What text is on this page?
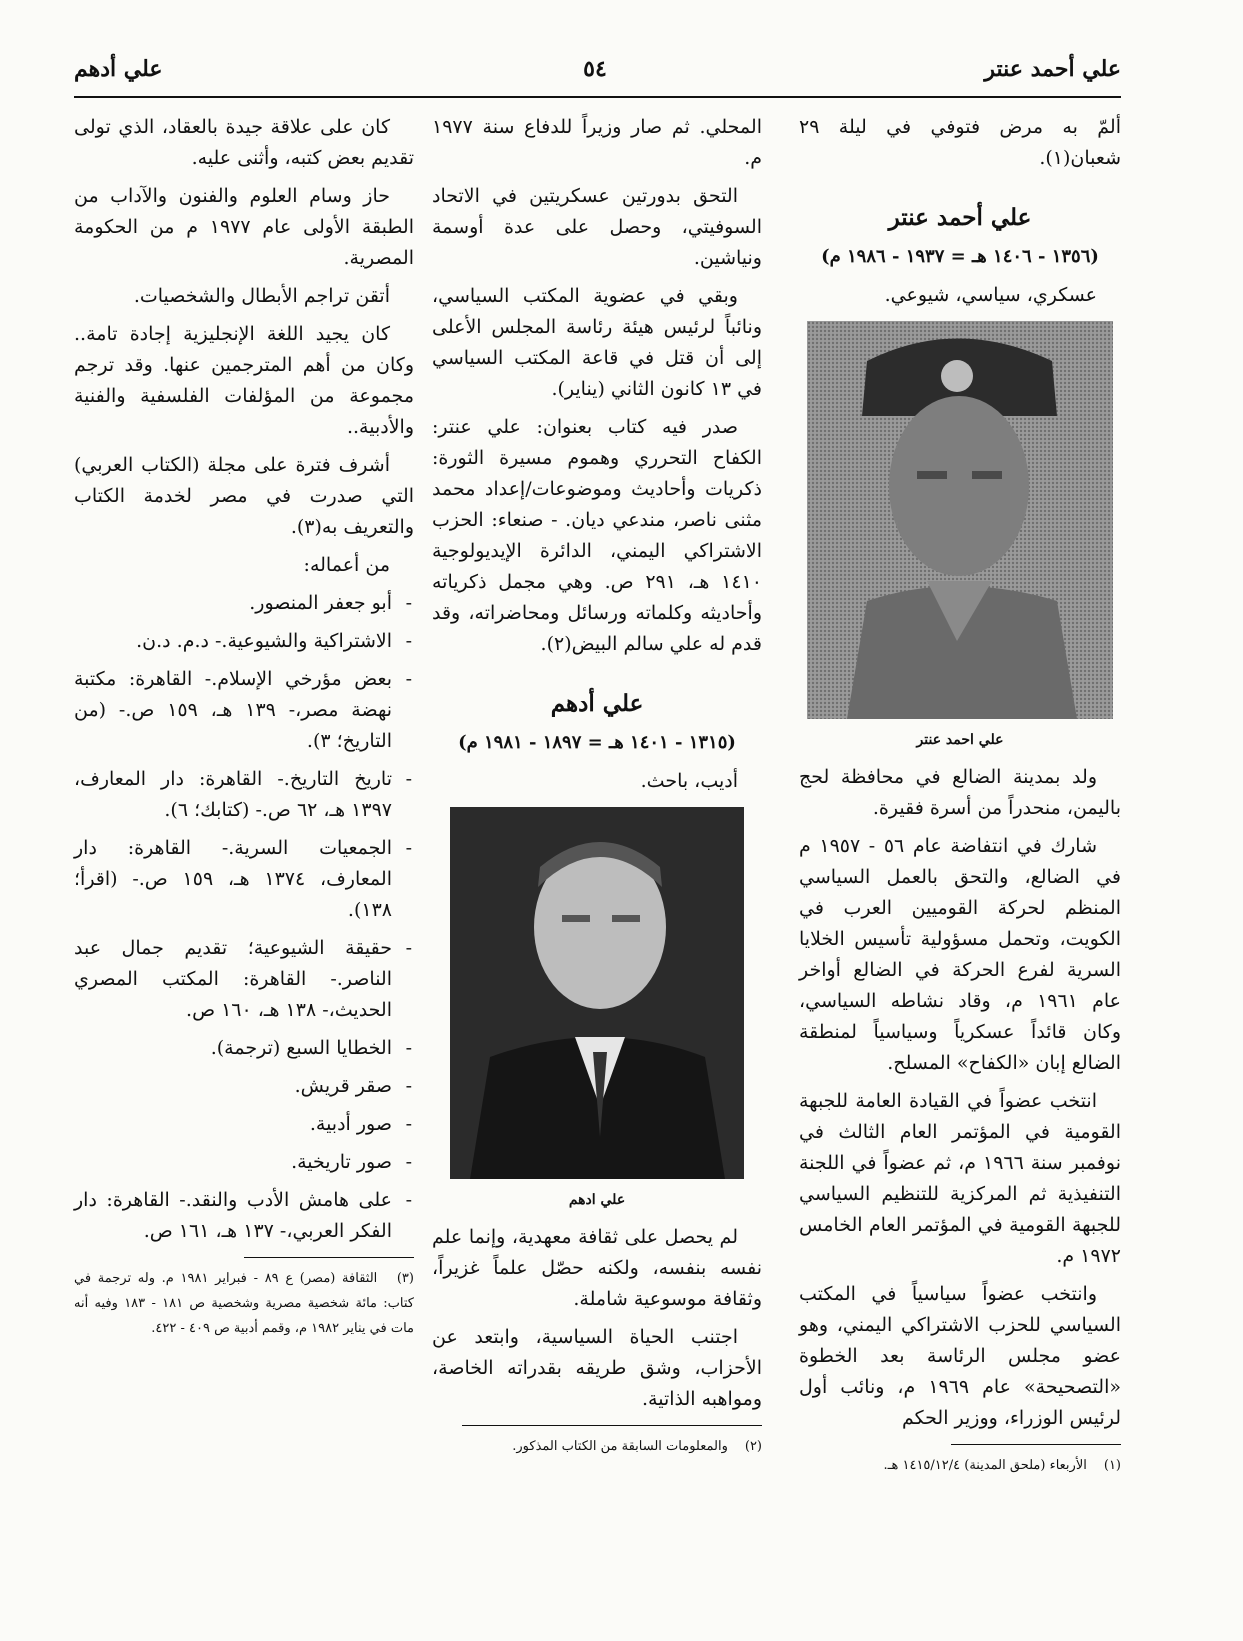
علي أحمد عنتر
٥٤
علي أدهم

ألمّ به مرض فتوفي في ليلة ٢٩ شعبان(١).

علي أحمد عنتر
(١٣٥٦ - ١٤٠٦ هـ = ١٩٣٧ - ١٩٨٦ م)

عسكري، سياسي، شيوعي.

علي احمد عنتر

ولد بمدينة الضالع في محافظة لحج باليمن، منحدراً من أسرة فقيرة.

شارك في انتفاضة عام ٥٦ - ١٩٥٧ م في الضالع، والتحق بالعمل السياسي المنظم لحركة القوميين العرب في الكويت، وتحمل مسؤولية تأسيس الخلايا السرية لفرع الحركة في الضالع أواخر عام ١٩٦١ م، وقاد نشاطه السياسي، وكان قائداً عسكرياً وسياسياً لمنطقة الضالع إبان «الكفاح» المسلح.

انتخب عضواً في القيادة العامة للجبهة القومية في المؤتمر العام الثالث في نوفمبر سنة ١٩٦٦ م، ثم عضواً في اللجنة التنفيذية ثم المركزية للتنظيم السياسي للجبهة القومية في المؤتمر العام الخامس ١٩٧٢ م.

وانتخب عضواً سياسياً في المكتب السياسي للحزب الاشتراكي اليمني، وهو عضو مجلس الرئاسة بعد الخطوة «التصحيحة» عام ١٩٦٩ م، ونائب أول لرئيس الوزراء، ووزير الحكم

(١) الأربعاء (ملحق المدينة) ١٤١٥/١٢/٤ هـ.

المحلي. ثم صار وزيراً للدفاع سنة ١٩٧٧ م.

التحق بدورتين عسكريتين في الاتحاد السوفيتي، وحصل على عدة أوسمة ونياشين.

وبقي في عضوية المكتب السياسي، ونائباً لرئيس هيئة رئاسة المجلس الأعلى إلى أن قتل في قاعة المكتب السياسي في ١٣ كانون الثاني (يناير).

صدر فيه كتاب بعنوان: علي عنتر: الكفاح التحرري وهموم مسيرة الثورة: ذكريات وأحاديث وموضوعات/إعداد محمد مثنى ناصر، مندعي ديان. - صنعاء: الحزب الاشتراكي اليمني، الدائرة الإيديولوجية ١٤١٠ هـ، ٢٩١ ص. وهي مجمل ذكرياته وأحاديثه وكلماته ورسائل ومحاضراته، وقد قدم له علي سالم البيض(٢).

علي أدهم
(١٣١٥ - ١٤٠١ هـ = ١٨٩٧ - ١٩٨١ م)

أديب، باحث.

علي ادهم

لم يحصل على ثقافة معهدية، وإنما علم نفسه بنفسه، ولكنه حصّل علماً غزيراً، وثقافة موسوعية شاملة.

اجتنب الحياة السياسية، وابتعد عن الأحزاب، وشق طريقه بقدراته الخاصة، ومواهبه الذاتية.

(٢) والمعلومات السابقة من الكتاب المذكور.

كان على علاقة جيدة بالعقاد، الذي تولى تقديم بعض كتبه، وأثنى عليه.

حاز وسام العلوم والفنون والآداب من الطبقة الأولى عام ١٩٧٧ م من الحكومة المصرية.

أتقن تراجم الأبطال والشخصيات.

كان يجيد اللغة الإنجليزية إجادة تامة.. وكان من أهم المترجمين عنها. وقد ترجم مجموعة من المؤلفات الفلسفية والفنية والأدبية..

أشرف فترة على مجلة (الكتاب العربي) التي صدرت في مصر لخدمة الكتاب والتعريف به(٣).

من أعماله:

- أبو جعفر المنصور.
- الاشتراكية والشيوعية.- د.م. د.ن.
- بعض مؤرخي الإسلام.- القاهرة: مكتبة نهضة مصر،- ١٣٩ هـ، ١٥٩ ص.- (من التاريخ؛ ٣).
- تاريخ التاريخ.- القاهرة: دار المعارف، ١٣٩٧ هـ، ٦٢ ص.- (كتابك؛ ٦).
- الجمعيات السرية.- القاهرة: دار المعارف، ١٣٧٤ هـ، ١٥٩ ص.- (اقرأ؛ ١٣٨).
- حقيقة الشيوعية؛ تقديم جمال عبد الناصر.- القاهرة: المكتب المصري الحديث،- ١٣٨ هـ، ١٦٠ ص.
- الخطايا السبع (ترجمة).
- صقر قريش.
- صور أدبية.
- صور تاريخية.
- على هامش الأدب والنقد.- القاهرة: دار الفكر العربي،- ١٣٧ هـ، ١٦١ ص.
(٣) الثقافة (مصر) ع ٨٩ - فبراير ١٩٨١ م. وله ترجمة في كتاب: مائة شخصية مصرية وشخصية ص ١٨١ - ١٨٣ وفيه أنه مات في يناير ١٩٨٢ م، وقمم أدبية ص ٤٠٩ - ٤٢٢.
